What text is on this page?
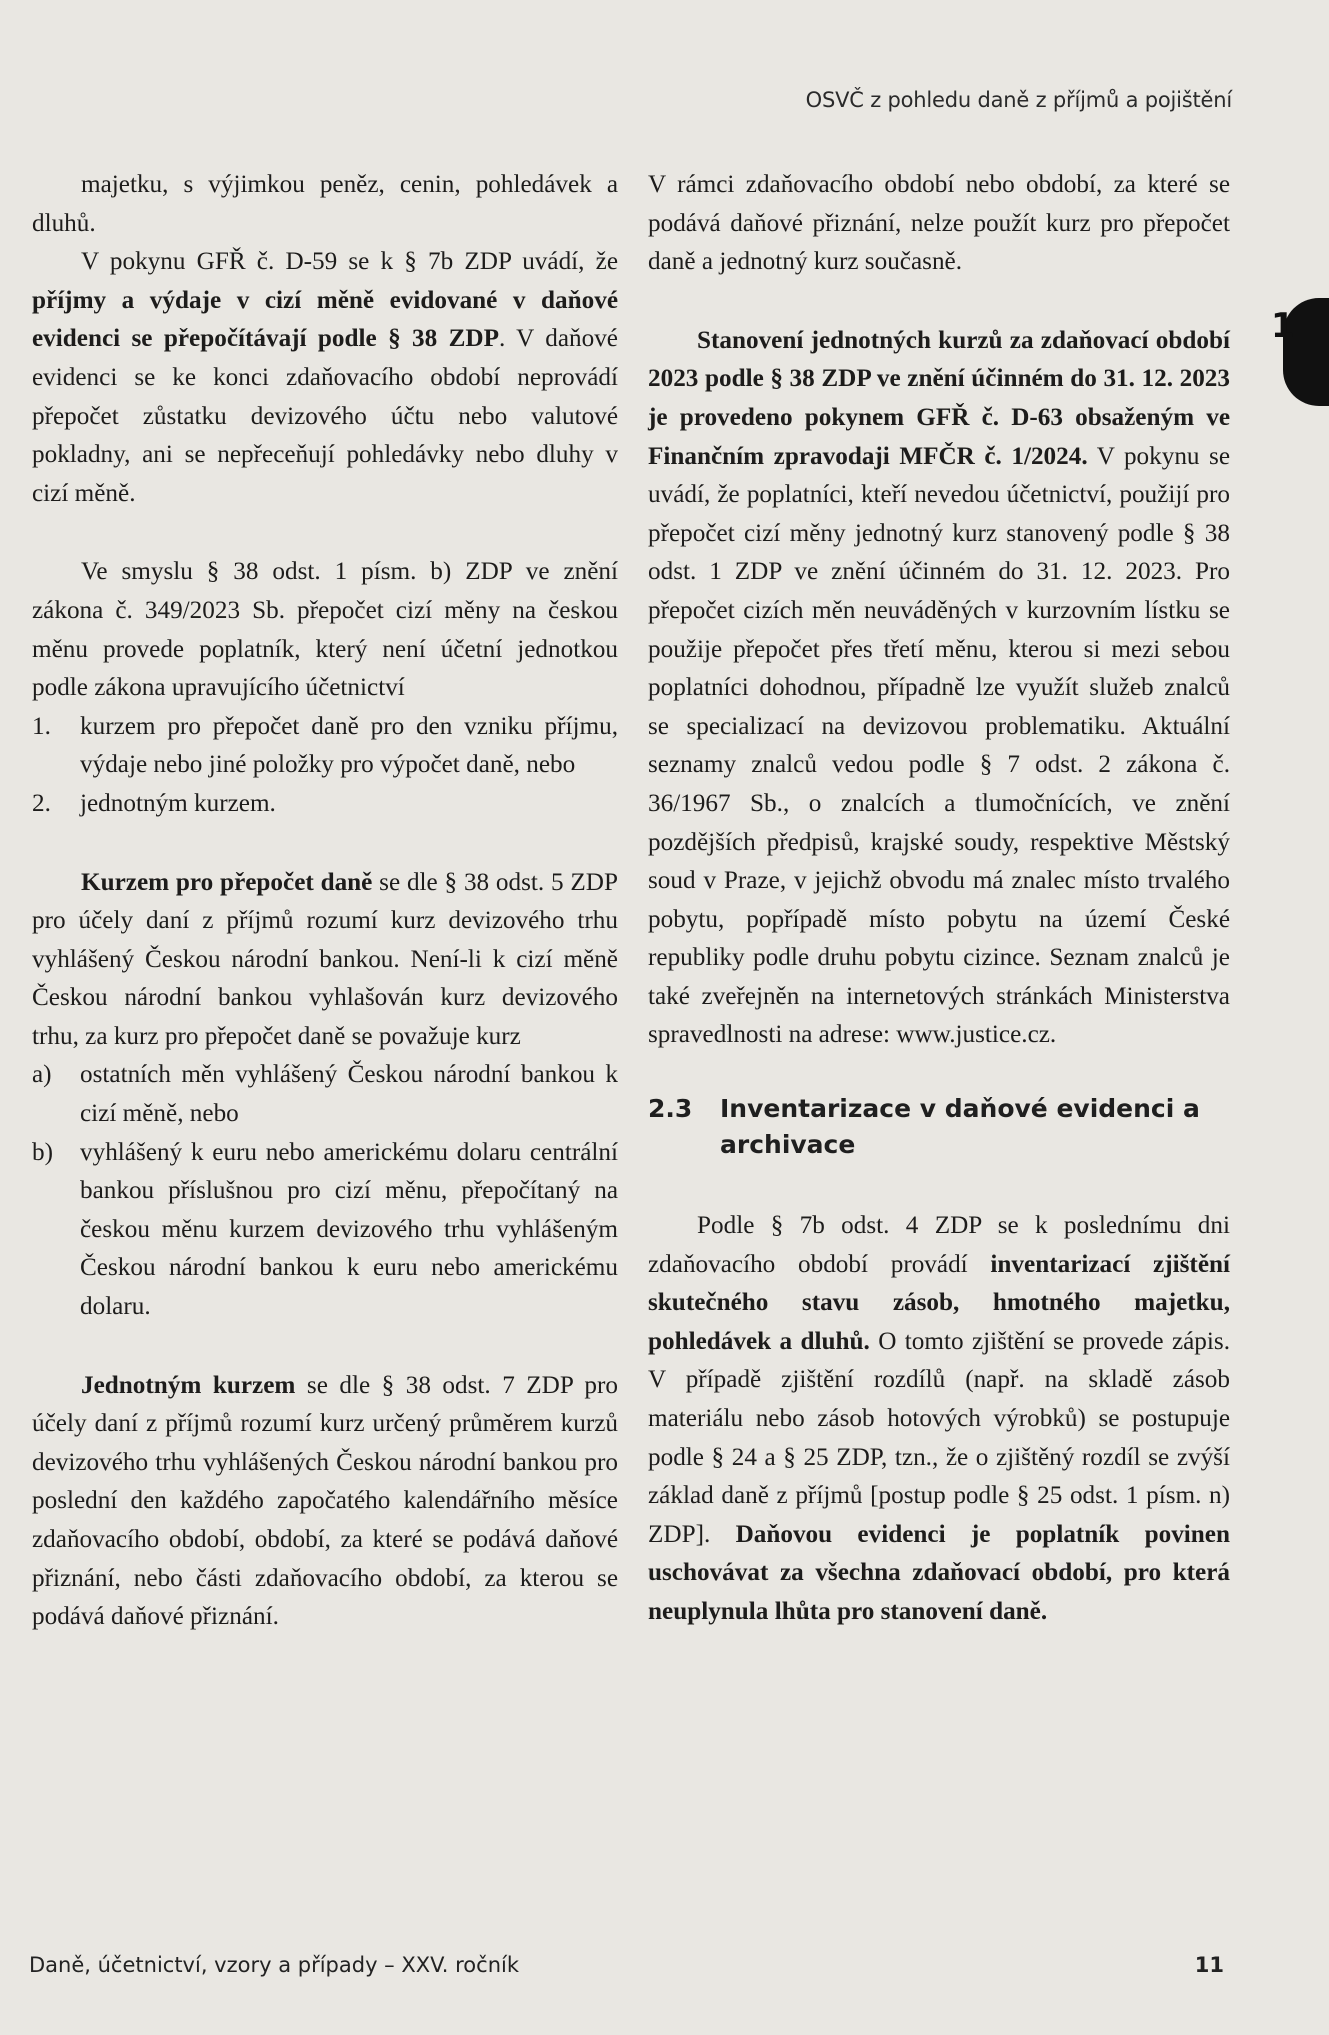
OSVČ z pohledu daně z příjmů a pojištění
1

majetku, s výjimkou peněz, cenin, pohledávek a dluhů.

V pokynu GFŘ č. D-59 se k § 7b ZDP uvádí, že příjmy a výdaje v cizí měně evidované v daňové evidenci se přepočítávají podle § 38 ZDP. V daňové evidenci se ke konci zdaňovacího období neprovádí přepočet zůstatku devizového účtu nebo valutové pokladny, ani se nepřeceňují pohledávky nebo dluhy v cizí měně.

Ve smyslu § 38 odst. 1 písm. b) ZDP ve znění zákona č. 349/2023 Sb. přepočet cizí měny na českou měnu provede poplatník, který není účetní jednotkou podle zákona upravujícího účetnictví

1. kurzem pro přepočet daně pro den vzniku příjmu, výdaje nebo jiné položky pro výpočet daně, nebo
2. jednotným kurzem.

Kurzem pro přepočet daně se dle § 38 odst. 5 ZDP pro účely daní z příjmů rozumí kurz devizového trhu vyhlášený Českou národní bankou. Není-li k cizí měně Českou národní bankou vyhlašován kurz devizového trhu, za kurz pro přepočet daně se považuje kurz

a) ostatních měn vyhlášený Českou národní bankou k cizí měně, nebo
b) vyhlášený k euru nebo americkému dolaru centrální bankou příslušnou pro cizí měnu, přepočítaný na českou měnu kurzem devizového trhu vyhlášeným Českou národní bankou k euru nebo americkému dolaru.

Jednotným kurzem se dle § 38 odst. 7 ZDP pro účely daní z příjmů rozumí kurz určený průměrem kurzů devizového trhu vyhlášených Českou národní bankou pro poslední den každého započatého kalendářního měsíce zdaňovacího období, období, za které se podává daňové přiznání, nebo části zdaňovacího období, za kterou se podává daňové přiznání.

V rámci zdaňovacího období nebo období, za které se podává daňové přiznání, nelze použít kurz pro přepočet daně a jednotný kurz současně.

Stanovení jednotných kurzů za zdaňovací období 2023 podle § 38 ZDP ve znění účinném do 31. 12. 2023 je provedeno pokynem GFŘ č. D-63 obsaženým ve Finančním zpravodaji MFČR č. 1/2024. V pokynu se uvádí, že poplatníci, kteří nevedou účetnictví, použijí pro přepočet cizí měny jednotný kurz stanovený podle § 38 odst. 1 ZDP ve znění účinném do 31. 12. 2023. Pro přepočet cizích měn neuváděných v kurzovním lístku se použije přepočet přes třetí měnu, kterou si mezi sebou poplatníci dohodnou, případně lze využít služeb znalců se specializací na devizovou problematiku. Aktuální seznamy znalců vedou podle § 7 odst. 2 zákona č. 36/1967 Sb., o znalcích a tlumočnících, ve znění pozdějších předpisů, krajské soudy, respektive Městský soud v Praze, v jejichž obvodu má znalec místo trvalého pobytu, popřípadě místo pobytu na území České republiky podle druhu pobytu cizince. Seznam znalců je také zveřejněn na internetových stránkách Ministerstva spravedlnosti na adrese: www.justice.cz.

2.3	Inventarizace v daňové evidenci a archivace

Podle § 7b odst. 4 ZDP se k poslednímu dni zdaňovacího období provádí inventarizací zjištění skutečného stavu zásob, hmotného majetku, pohledávek a dluhů. O tomto zjištění se provede zápis. V případě zjištění rozdílů (např. na skladě zásob materiálu nebo zásob hotových výrobků) se postupuje podle § 24 a § 25 ZDP, tzn., že o zjištěný rozdíl se zvýší základ daně z příjmů [postup podle § 25 odst. 1 písm. n) ZDP]. Daňovou evidenci je poplatník povinen uschovávat za všechna zdaňovací období, pro která neuplynula lhůta pro stanovení daně.

Daně, účetnictví, vzory a případy – XXV. ročník	11
